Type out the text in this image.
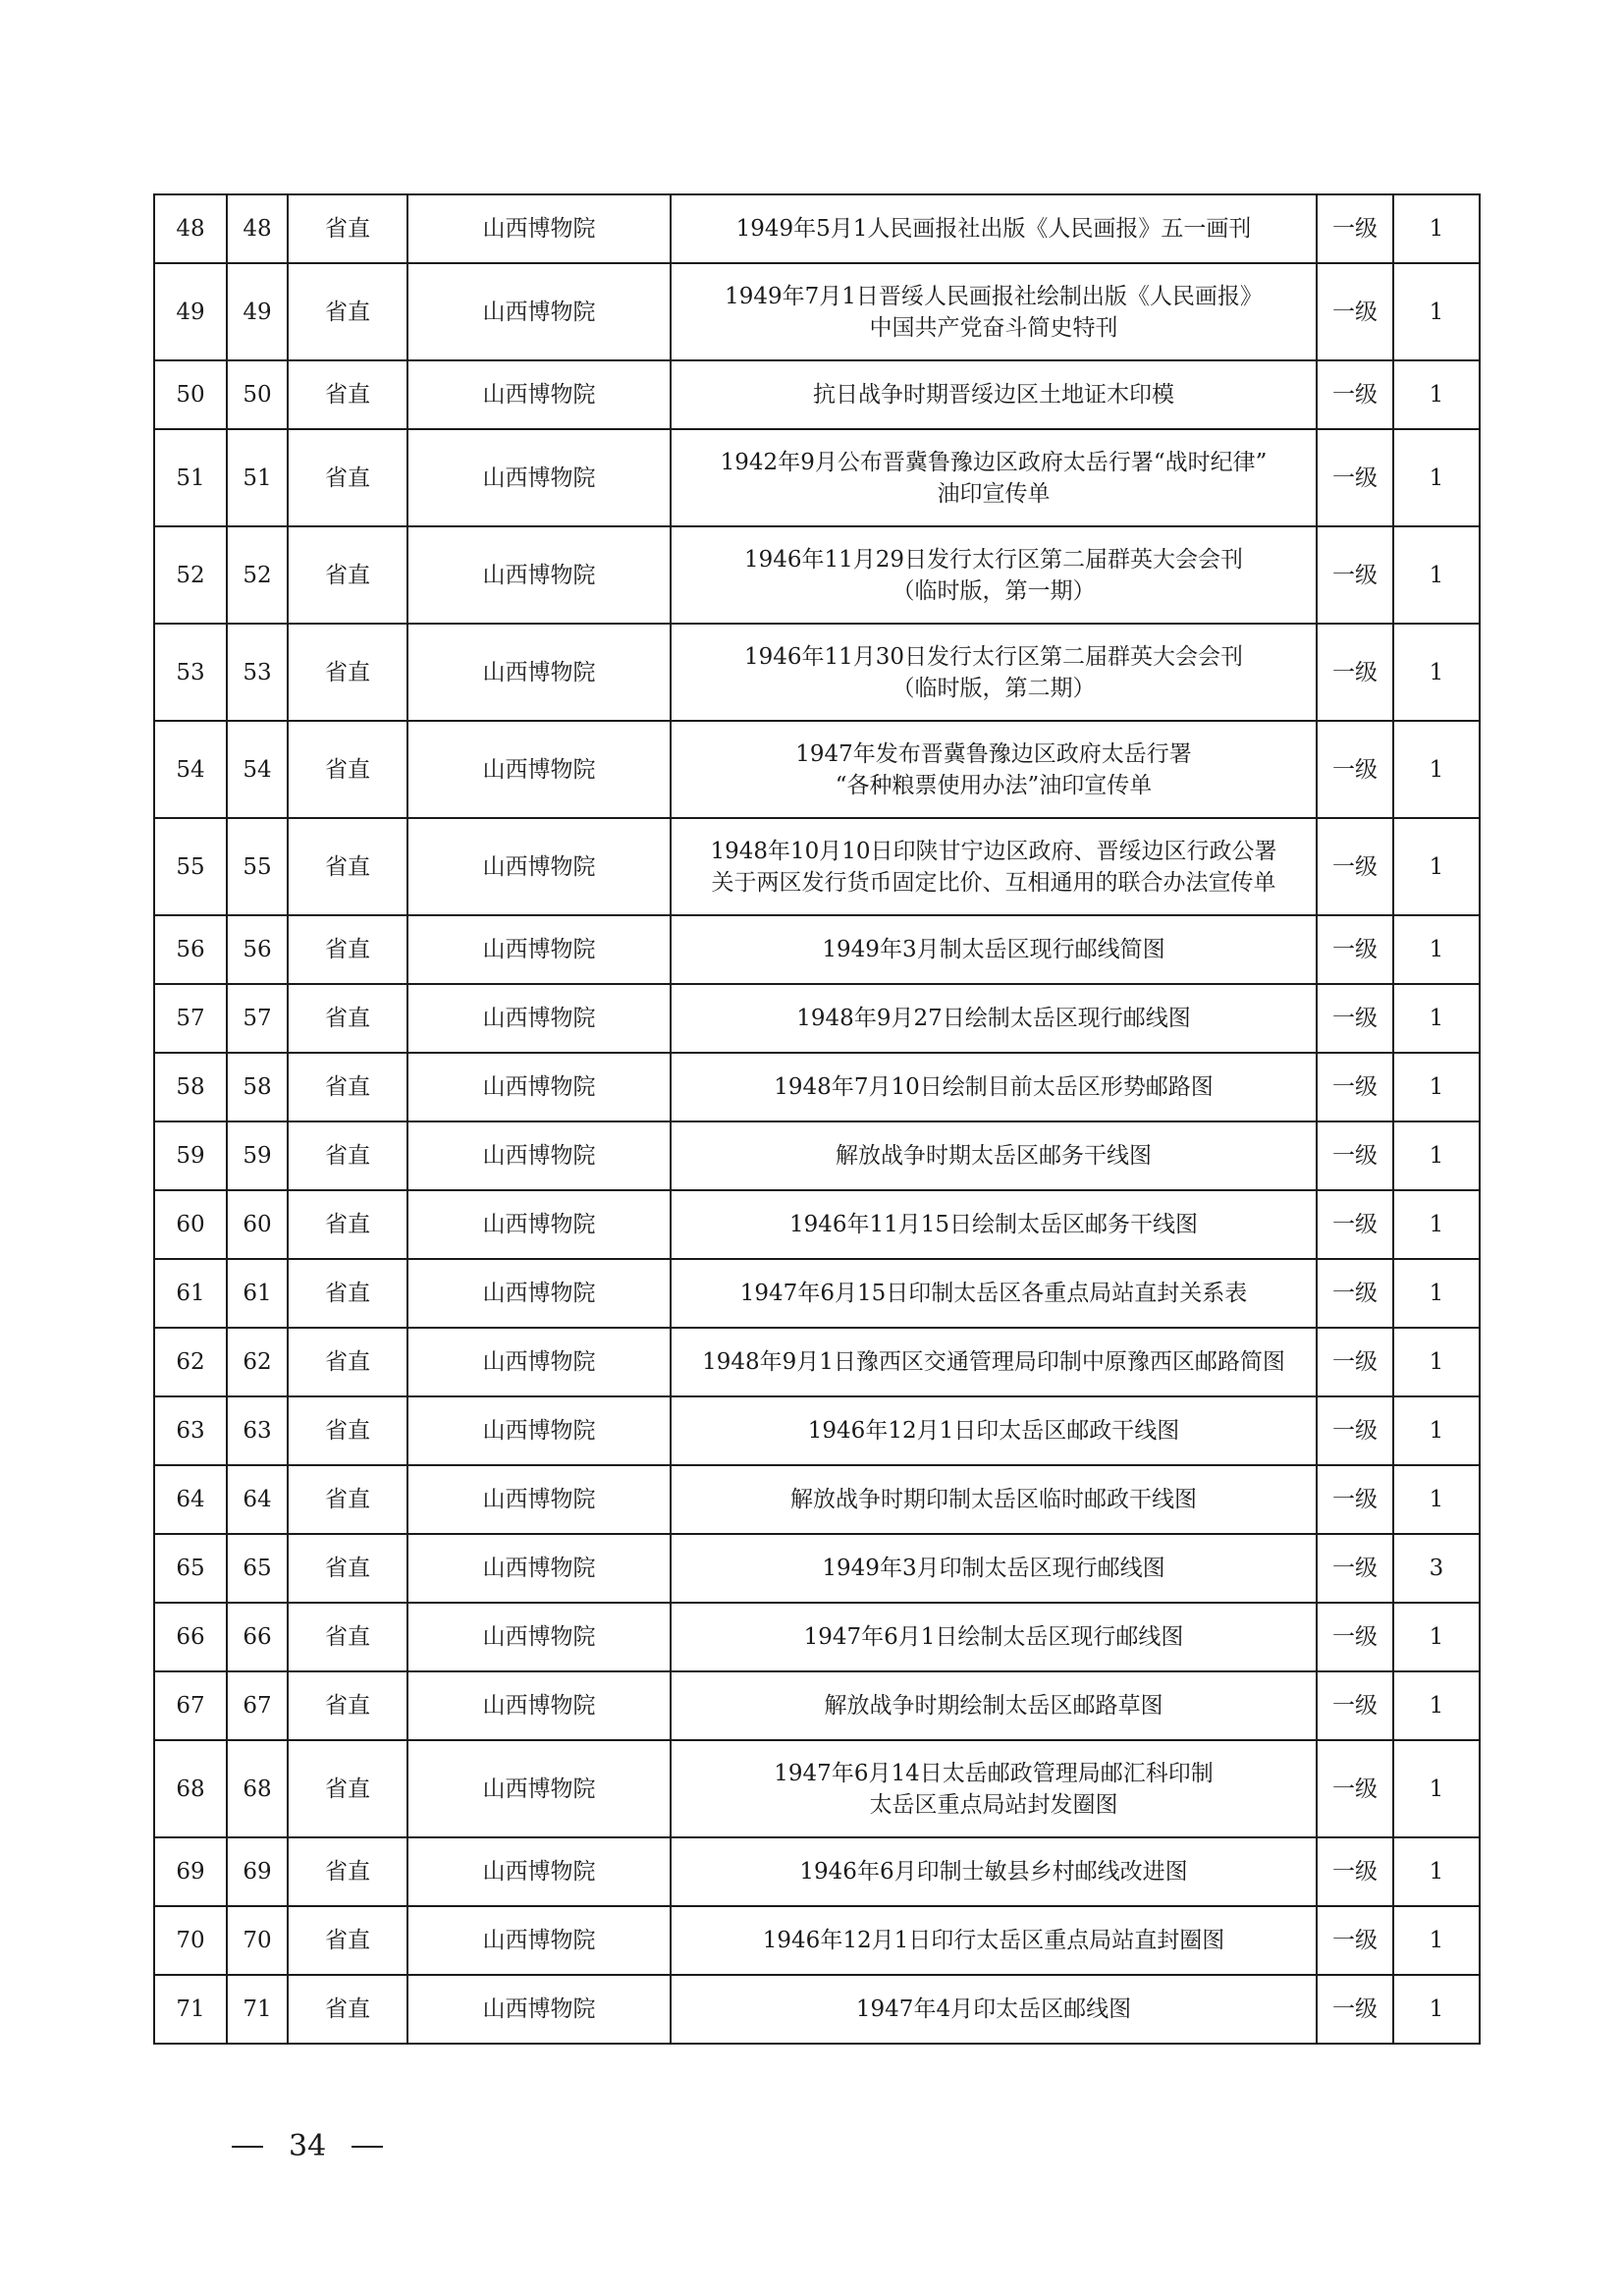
48	48	省直	山西博物院	1949年5月1人民画报社出版《人民画报》五一画刊	一级	1
49	49	省直	山西博物院	1949年7月1日晋绥人民画报社绘制出版《人民画报》
中国共产党奋斗简史特刊	一级	1
50	50	省直	山西博物院	抗日战争时期晋绥边区土地证木印模	一级	1
51	51	省直	山西博物院	1942年9月公布晋冀鲁豫边区政府太岳行署“战时纪律”
油印宣传单	一级	1
52	52	省直	山西博物院	1946年11月29日发行太行区第二届群英大会会刊
（临时版，第一期）	一级	1
53	53	省直	山西博物院	1946年11月30日发行太行区第二届群英大会会刊
（临时版，第二期）	一级	1
54	54	省直	山西博物院	1947年发布晋冀鲁豫边区政府太岳行署
“各种粮票使用办法”油印宣传单	一级	1
55	55	省直	山西博物院	1948年10月10日印陕甘宁边区政府、晋绥边区行政公署
关于两区发行货币固定比价、互相通用的联合办法宣传单	一级	1
56	56	省直	山西博物院	1949年3月制太岳区现行邮线简图	一级	1
57	57	省直	山西博物院	1948年9月27日绘制太岳区现行邮线图	一级	1
58	58	省直	山西博物院	1948年7月10日绘制目前太岳区形势邮路图	一级	1
59	59	省直	山西博物院	解放战争时期太岳区邮务干线图	一级	1
60	60	省直	山西博物院	1946年11月15日绘制太岳区邮务干线图	一级	1
61	61	省直	山西博物院	1947年6月15日印制太岳区各重点局站直封关系表	一级	1
62	62	省直	山西博物院	1948年9月1日豫西区交通管理局印制中原豫西区邮路简图	一级	1
63	63	省直	山西博物院	1946年12月1日印太岳区邮政干线图	一级	1
64	64	省直	山西博物院	解放战争时期印制太岳区临时邮政干线图	一级	1
65	65	省直	山西博物院	1949年3月印制太岳区现行邮线图	一级	3
66	66	省直	山西博物院	1947年6月1日绘制太岳区现行邮线图	一级	1
67	67	省直	山西博物院	解放战争时期绘制太岳区邮路草图	一级	1
68	68	省直	山西博物院	1947年6月14日太岳邮政管理局邮汇科印制
太岳区重点局站封发圈图	一级	1
69	69	省直	山西博物院	1946年6月印制士敏县乡村邮线改进图	一级	1
70	70	省直	山西博物院	1946年12月1日印行太岳区重点局站直封圈图	一级	1
71	71	省直	山西博物院	1947年4月印太岳区邮线图	一级	1
34
